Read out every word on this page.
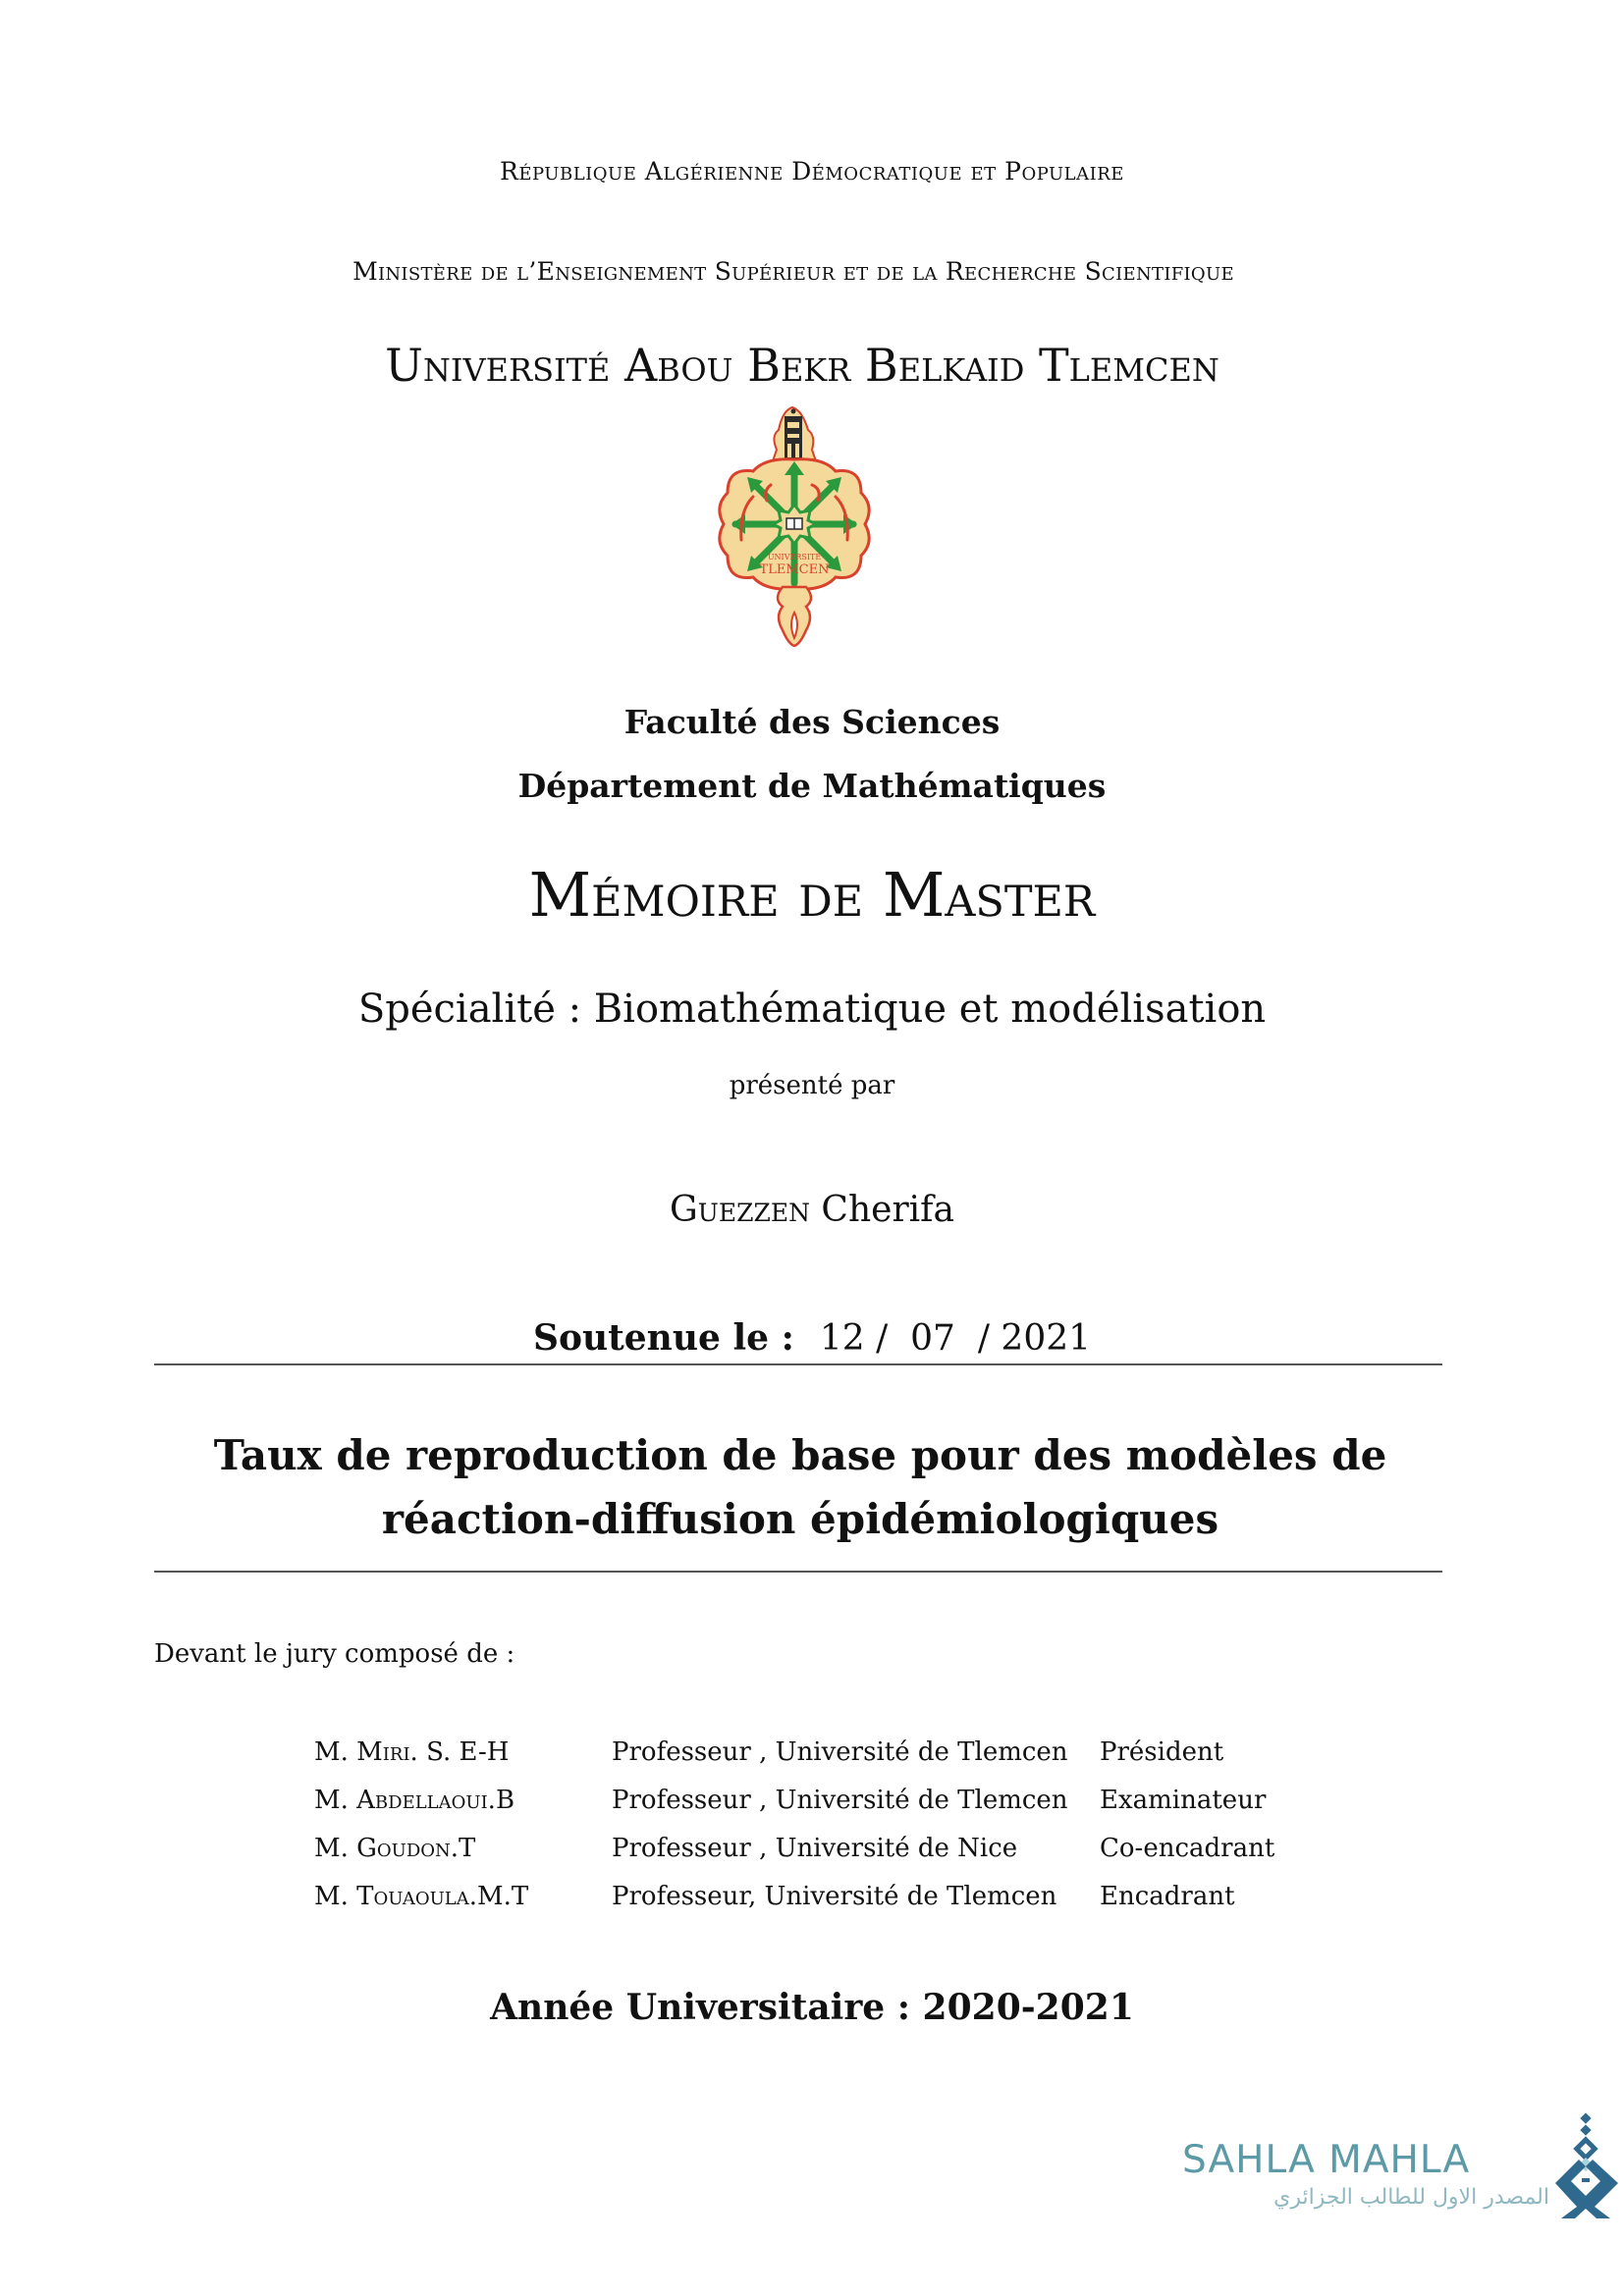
République Algérienne Démocratique et Populaire
Ministère de l’Enseignement Supérieur et de la Recherche Scientifique
Université Abou Bekr Belkaid Tlemcen
UNIVERSITE
TLEMCEN
Faculté des Sciences
Département de Mathématiques
Mémoire de Master
Spécialité : Biomathématique et modélisation
présenté par
Guezzen Cherifa
Soutenue le : 12 /  07  / 2021
Taux de reproduction de base pour des modèles de réaction-diffusion épidémiologiques
Devant le jury composé de :
M. Miri. S. E-H	Professeur , Université de Tlemcen	Président
M. Abdellaoui.B	Professeur , Université de Tlemcen	Examinateur
M. Goudon.T	Professeur , Université de Nice	Co-encadrant
M. Touaoula.M.T	Professeur, Université de Tlemcen	Encadrant
Année Universitaire : 2020-2021
SAHLA MAHLA
المصدر الاول للطالب الجزائري
